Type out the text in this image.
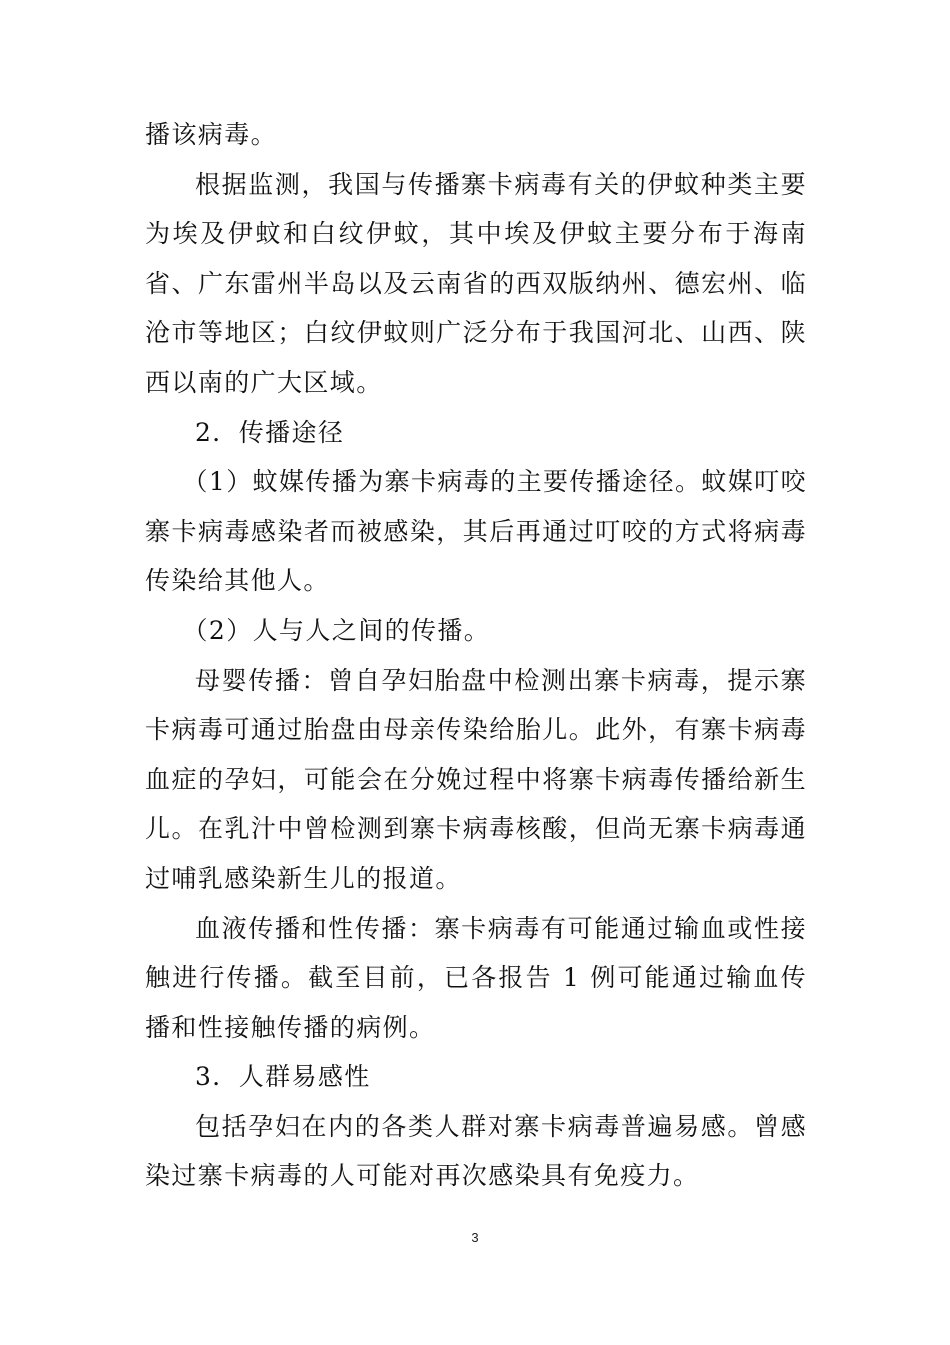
播该病毒。

根据监测，我国与传播寨卡病毒有关的伊蚊种类主要为埃及伊蚊和白纹伊蚊，其中埃及伊蚊主要分布于海南省、广东雷州半岛以及云南省的西双版纳州、德宏州、临沧市等地区；白纹伊蚊则广泛分布于我国河北、山西、陕西以南的广大区域。

2．传播途径

（1）蚊媒传播为寨卡病毒的主要传播途径。蚊媒叮咬寨卡病毒感染者而被感染，其后再通过叮咬的方式将病毒传染给其他人。

（2）人与人之间的传播。

母婴传播：曾自孕妇胎盘中检测出寨卡病毒，提示寨卡病毒可通过胎盘由母亲传染给胎儿。此外，有寨卡病毒血症的孕妇，可能会在分娩过程中将寨卡病毒传播给新生儿。在乳汁中曾检测到寨卡病毒核酸，但尚无寨卡病毒通过哺乳感染新生儿的报道。

血液传播和性传播：寨卡病毒有可能通过输血或性接触进行传播。截至目前，已各报告 1 例可能通过输血传播和性接触传播的病例。

3．人群易感性

包括孕妇在内的各类人群对寨卡病毒普遍易感。曾感染过寨卡病毒的人可能对再次感染具有免疫力。

3
